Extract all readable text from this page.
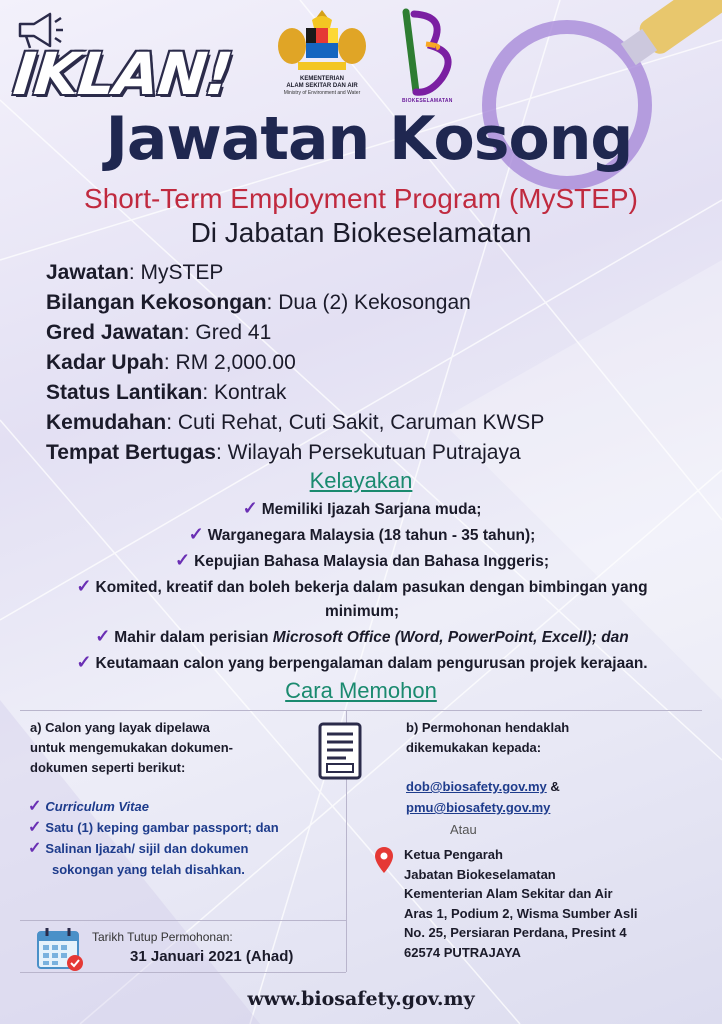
IKLAN!	KEMENTERIAN
ALAM SEKITAR DAN AIR
Ministry of Environment and Water
BIOKESELAMATAN
Jawatan Kosong
Short-Term Employment Program (MySTEP)
Di Jabatan Biokeselamatan
Jawatan: MySTEP
Bilangan Kekosongan: Dua (2) Kekosongan
Gred Jawatan: Gred 41
Kadar Upah: RM 2,000.00
Status Lantikan: Kontrak
Kemudahan: Cuti Rehat, Cuti Sakit, Caruman KWSP
Tempat Bertugas: Wilayah Persekutuan Putrajaya
Kelayakan
✓ Memiliki Ijazah Sarjana muda;
✓ Warganegara Malaysia (18 tahun - 35 tahun);
✓ Kepujian Bahasa Malaysia dan Bahasa Inggeris;
✓ Komited, kreatif dan boleh bekerja dalam pasukan dengan bimbingan yang
minimum;
✓ Mahir dalam perisian Microsoft Office (Word, PowerPoint, Excell); dan
✓ Keutamaan calon yang berpengalaman dalam pengurusan projek kerajaan.
Cara Memohon
a) Calon yang layak dipelawa
untuk mengemukakan dokumen-
dokumen seperti berikut:
✓ Curriculum Vitae
✓ Satu (1) keping gambar passport; dan
✓ Salinan Ijazah/ sijil dan dokumen
sokongan yang telah disahkan.
b) Permohonan hendaklah
dikemukakan kepada:
dob@biosafety.gov.my &
pmu@biosafety.gov.my
Atau
Ketua Pengarah
Jabatan Biokeselamatan
Kementerian Alam Sekitar dan Air
Aras 1, Podium 2, Wisma Sumber Asli
No. 25, Persiaran Perdana, Presint 4
62574 PUTRAJAYA
Tarikh Tutup Permohonan:
31 Januari 2021 (Ahad)
www.biosafety.gov.my
